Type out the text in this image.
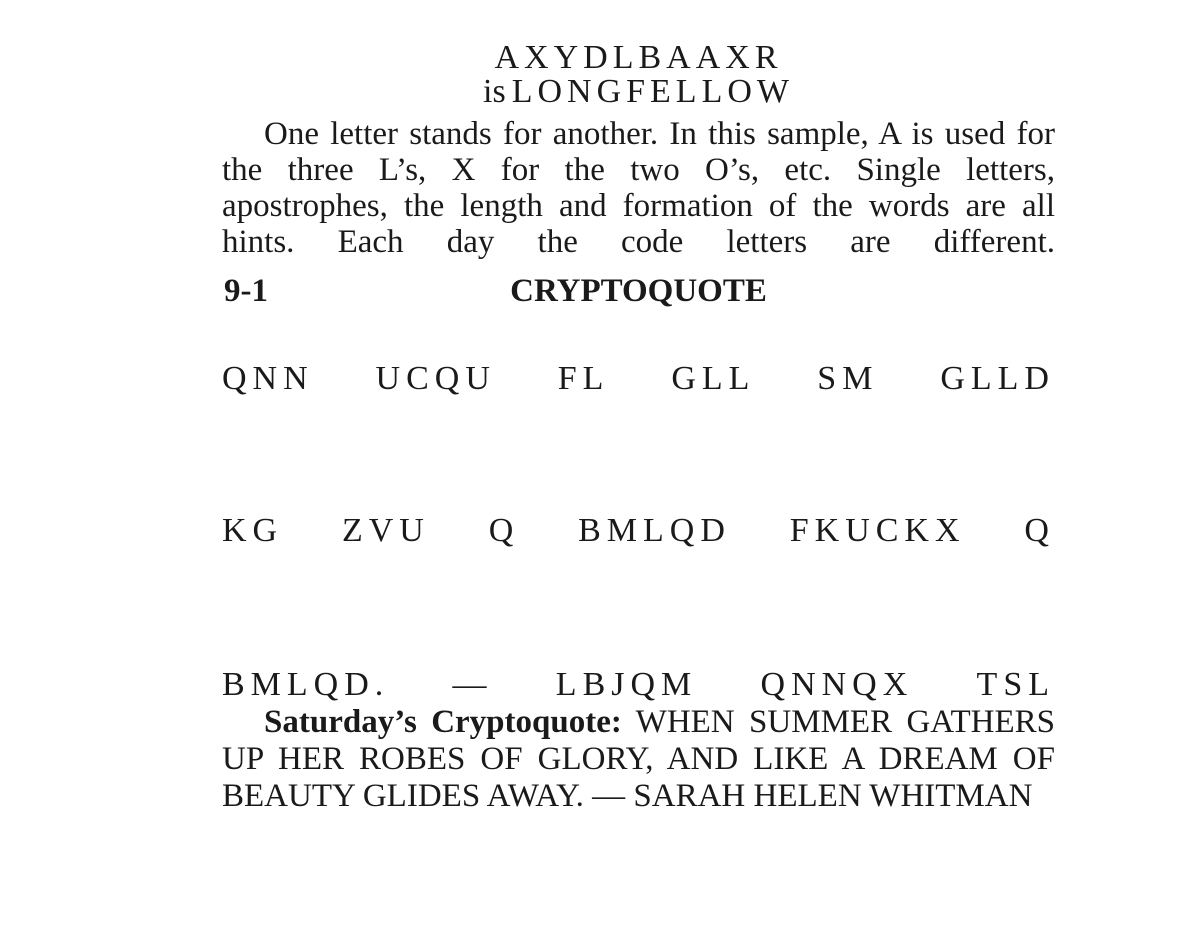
AXYDLBAAXR
is LONGFELLOW

One letter stands for another. In this sample, A is used for the three L’s, X for the two O’s, etc. Single letters, apostrophes, the length and formation of the words are all hints. Each day the code letters are different.

CRYPTOQUOTE
9-1
QNN UCQU FL GLL SM GLLD
KG ZVU Q BMLQD FKUCKX Q
BMLQD. — LBJQM QNNQX TSL

Saturday’s Cryptoquote: WHEN SUMMER GATHERS UP HER ROBES OF GLORY, AND LIKE A DREAM OF BEAUTY GLIDES AWAY. — SARAH HELEN WHITMAN
